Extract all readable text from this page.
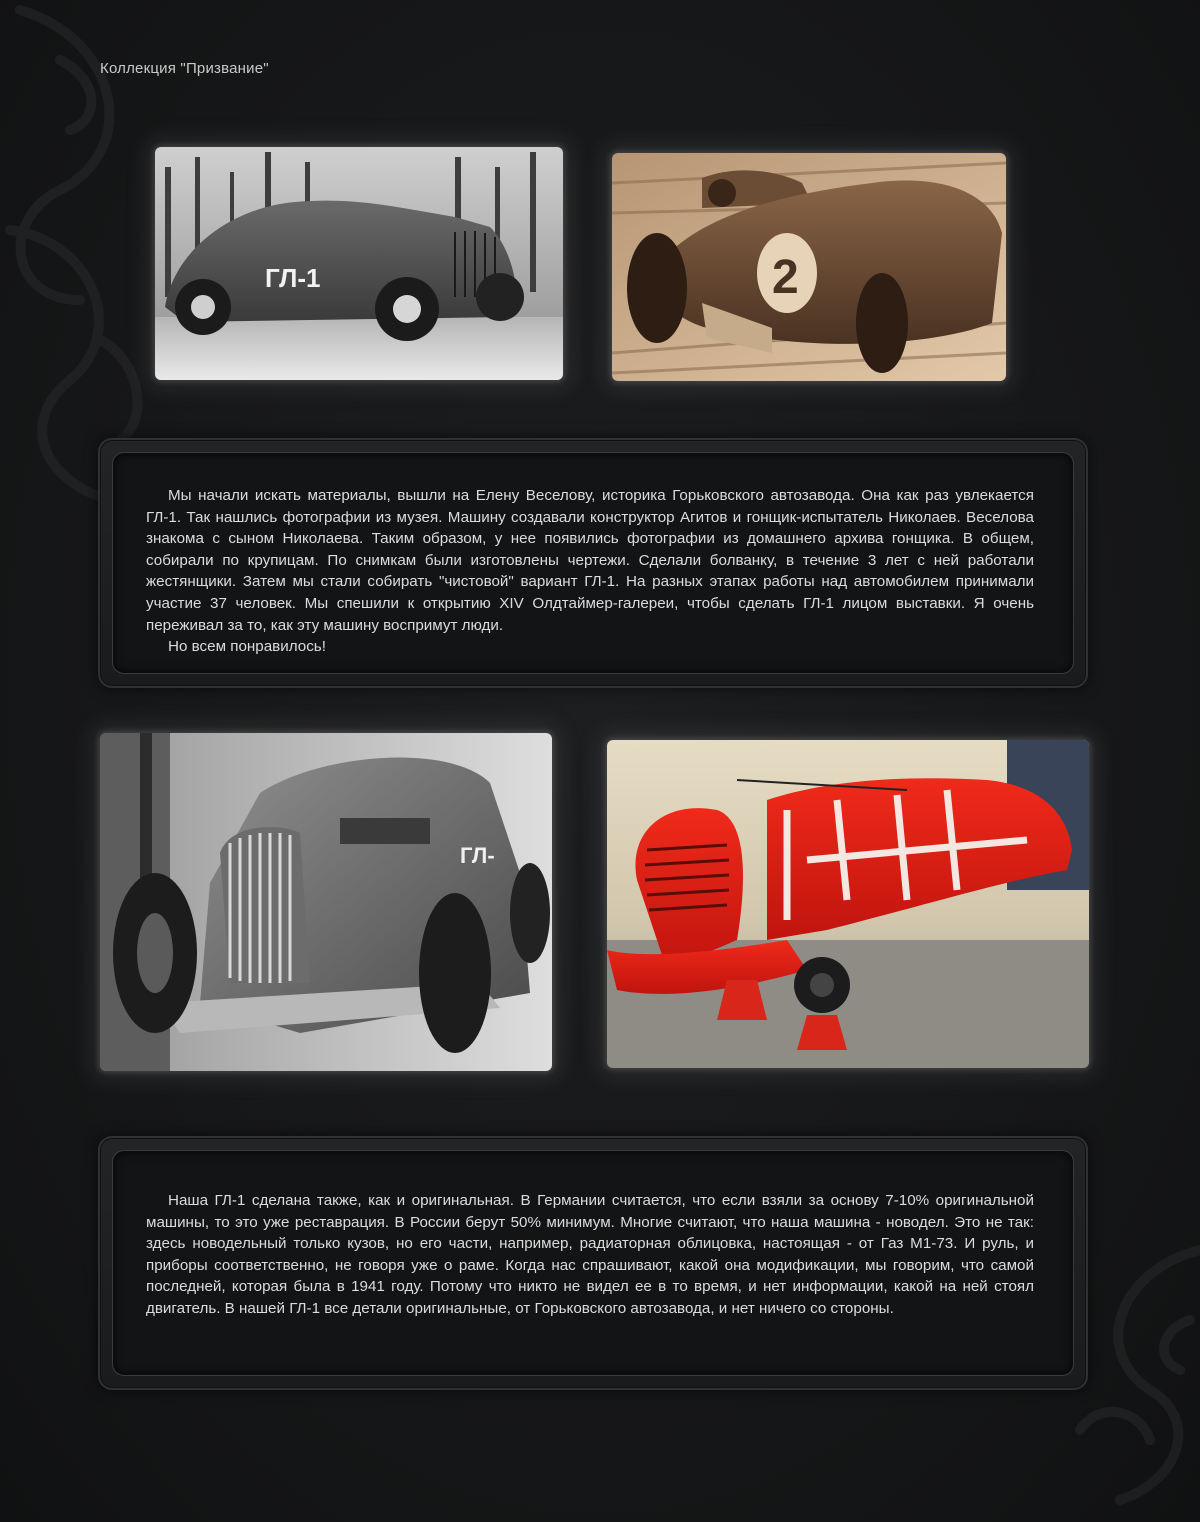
Коллекция "Призвание"
ГЛ-1	2

Мы начали искать материалы, вышли на Елену Веселову, историка Горьковского автозавода. Она как раз увлекается ГЛ-1. Так нашлись фотографии из музея. Машину создавали конструктор Агитов и гонщик-испытатель Николаев. Веселова знакома с сыном Николаева. Таким образом, у нее появились фотографии из домашнего архива гонщика. В общем, собирали по крупицам. По снимкам были изготовлены чертежи. Сделали болванку, в течение 3 лет с ней работали жестянщики. Затем мы стали собирать "чистовой" вариант ГЛ-1. На разных этапах работы над автомобилем принимали участие 37 человек. Мы спешили к открытию XIV Олдтаймер-галереи, чтобы сделать ГЛ-1 лицом выставки. Я очень переживал за то, как эту машину воспримут люди.

Но всем понравилось!

ГЛ-

Наша ГЛ-1 сделана также, как и оригинальная. В Германии считается, что если взяли за основу 7-10% оригинальной машины, то это уже реставрация. В России берут 50% минимум. Многие считают, что наша машина - новодел. Это не так: здесь новодельный только кузов, но его части, например, радиаторная облицовка, настоящая - от Газ М1-73. И руль, и приборы соответственно, не говоря уже о раме. Когда нас спрашивают, какой она модификации, мы говорим, что самой последней, которая была в 1941 году. Потому что никто не видел ее в то время, и нет информации, какой на ней стоял двигатель. В нашей ГЛ-1 все детали оригинальные, от Горьковского автозавода, и нет ничего со стороны.
